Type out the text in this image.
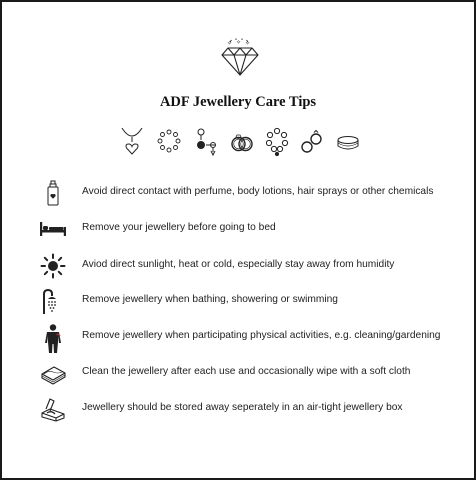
✧ ✧ ✧
ADF Jewellery Care Tips
Avoid direct contact with perfume, body lotions, hair sprays or other chemicals
Remove your jewellery before going to bed
Aviod direct sunlight, heat or cold, especially stay away from humidity
Remove jewellery when bathing, showering or swimming
Remove jewellery when participating physical activities, e.g. cleaning/gardening
Clean the jewellery after each use and occasionally wipe with a soft cloth
Jewellery should be stored away seperately in an air-tight jewellery box
